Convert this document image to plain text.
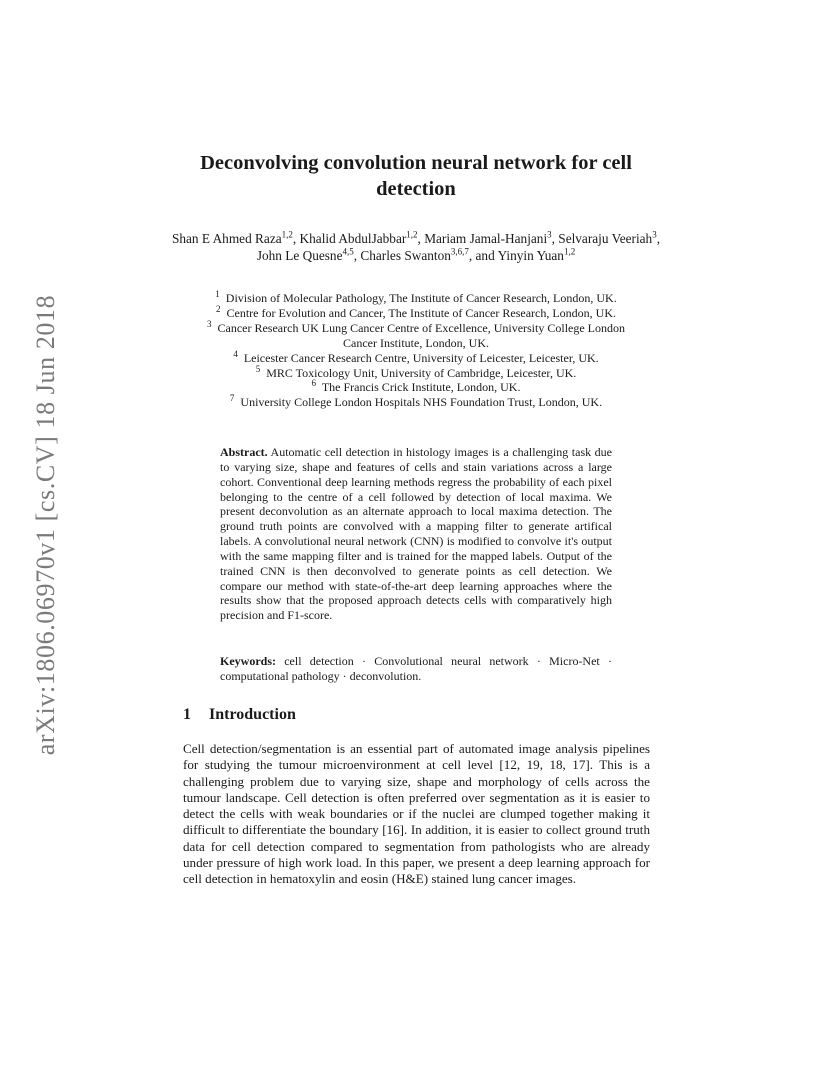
arXiv:1806.06970v1 [cs.CV] 18 Jun 2018
Deconvolving convolution neural network for cell detection
Shan E Ahmed Raza$^{1,2}$, Khalid AbdulJabbar$^{1,2}$, Mariam Jamal-Hanjani$^3$, Selvaraju Veeriah$^3$, John Le Quesne$^{4,5}$, Charles Swanton$^{3,6,7}$, and Yinyin Yuan$^{1,2}$
$^1$ Division of Molecular Pathology, The Institute of Cancer Research, London, UK.
$^2$ Centre for Evolution and Cancer, The Institute of Cancer Research, London, UK.
$^3$ Cancer Research UK Lung Cancer Centre of Excellence, University College London
Cancer Institute, London, UK.
$^4$ Leicester Cancer Research Centre, University of Leicester, Leicester, UK.
$^5$ MRC Toxicology Unit, University of Cambridge, Leicester, UK.
$^6$ The Francis Crick Institute, London, UK.
$^7$ University College London Hospitals NHS Foundation Trust, London, UK.
Abstract. Automatic cell detection in histology images is a challenging task due to varying size, shape and features of cells and stain variations across a large cohort. Conventional deep learning methods regress the probability of each pixel belonging to the centre of a cell followed by detection of local maxima. We present deconvolution as an alternate approach to local maxima detection. The ground truth points are convolved with a mapping filter to generate artifical labels. A convolutional neural network (CNN) is modified to convolve it's output with the same mapping filter and is trained for the mapped labels. Output of the trained CNN is then deconvolved to generate points as cell detection. We compare our method with state-of-the-art deep learning approaches where the results show that the proposed approach detects cells with comparatively high precision and F1-score.
Keywords: cell detection · Convolutional neural network · Micro-Net · computational pathology · deconvolution.
1 Introduction
Cell detection/segmentation is an essential part of automated image analysis pipelines for studying the tumour microenvironment at cell level [12, 19, 18, 17]. This is a challenging problem due to varying size, shape and morphology of cells across the tumour landscape. Cell detection is often preferred over segmentation as it is easier to detect the cells with weak boundaries or if the nuclei are clumped together making it difficult to differentiate the boundary [16]. In addition, it is easier to collect ground truth data for cell detection compared to segmentation from pathologists who are already under pressure of high work load. In this paper, we present a deep learning approach for cell detection in hematoxylin and eosin (H&E) stained lung cancer images.
